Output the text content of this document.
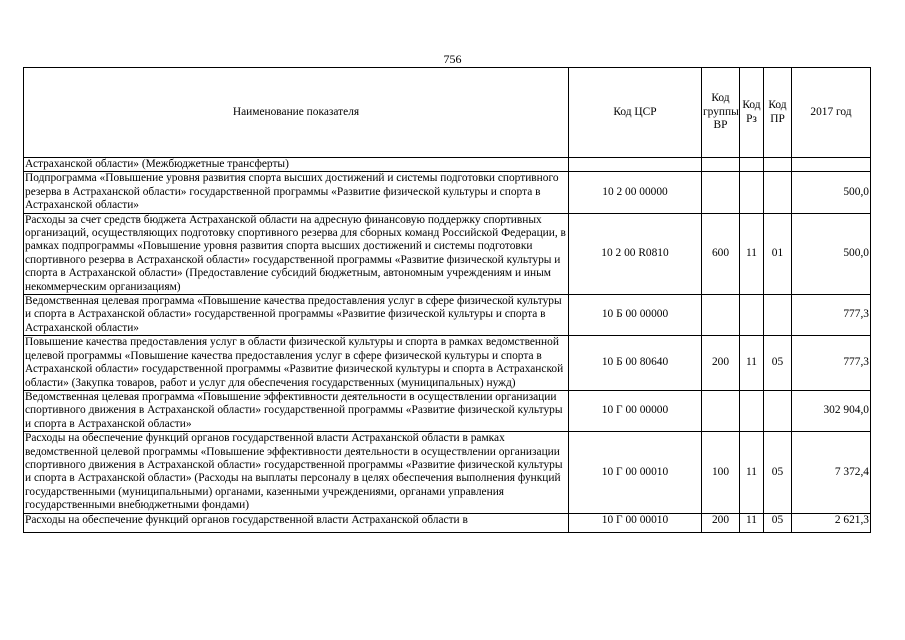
756
Наименование показателя	Код ЦСР	Код группы ВР	Код Рз	Код ПР	2017 год
Астраханской области» (Межбюджетные трансферты)					
Подпрограмма «Повышение уровня развития спорта высших достижений и системы подготовки спортивного резерва в Астраханской области» государственной программы «Развитие физической культуры и спорта в Астраханской области»	10 2 00 00000				500,0
Расходы за счет средств бюджета Астраханской области на адресную финансовую поддержку спортивных организаций, осуществляющих подготовку спортивного резерва для сборных команд Российской Федерации, в рамках подпрограммы «Повышение уровня развития спорта высших достижений и системы подготовки спортивного резерва в Астраханской области» государственной программы «Развитие физической культуры и спорта в Астраханской области» (Предоставление субсидий бюджетным, автономным учреждениям и иным некоммерческим организациям)	10 2 00 R0810	600	11	01	500,0
Ведомственная целевая программа «Повышение качества предоставления услуг в сфере физической культуры и спорта в Астраханской области» государственной программы «Развитие физической культуры и спорта в Астраханской области»	10 Б 00 00000				777,3
Повышение качества предоставления услуг в области физической культуры и спорта в рамках ведомственной целевой программы «Повышение качества предоставления услуг в сфере физической культуры и спорта в Астраханской области» государственной программы «Развитие физической культуры и спорта в Астраханской области» (Закупка товаров, работ и услуг для обеспечения государственных (муниципальных) нужд)	10 Б 00 80640	200	11	05	777,3
Ведомственная целевая программа «Повышение эффективности деятельности в осуществлении организации спортивного движения в Астраханской области» государственной программы «Развитие физической культуры и спорта в Астраханской области»	10 Г 00 00000				302 904,0
Расходы на обеспечение функций органов государственной власти Астраханской области в рамках ведомственной целевой программы «Повышение эффективности деятельности в осуществлении организации спортивного движения в Астраханской области» государственной программы «Развитие физической культуры и спорта в Астраханской области» (Расходы на выплаты персоналу в целях обеспечения выполнения функций государственными (муниципальными) органами, казенными учреждениями, органами управления государственными внебюджетными фондами)	10 Г 00 00010	100	11	05	7 372,4
Расходы на обеспечение функций органов государственной власти Астраханской области в	10 Г 00 00010	200	11	05	2 621,3
